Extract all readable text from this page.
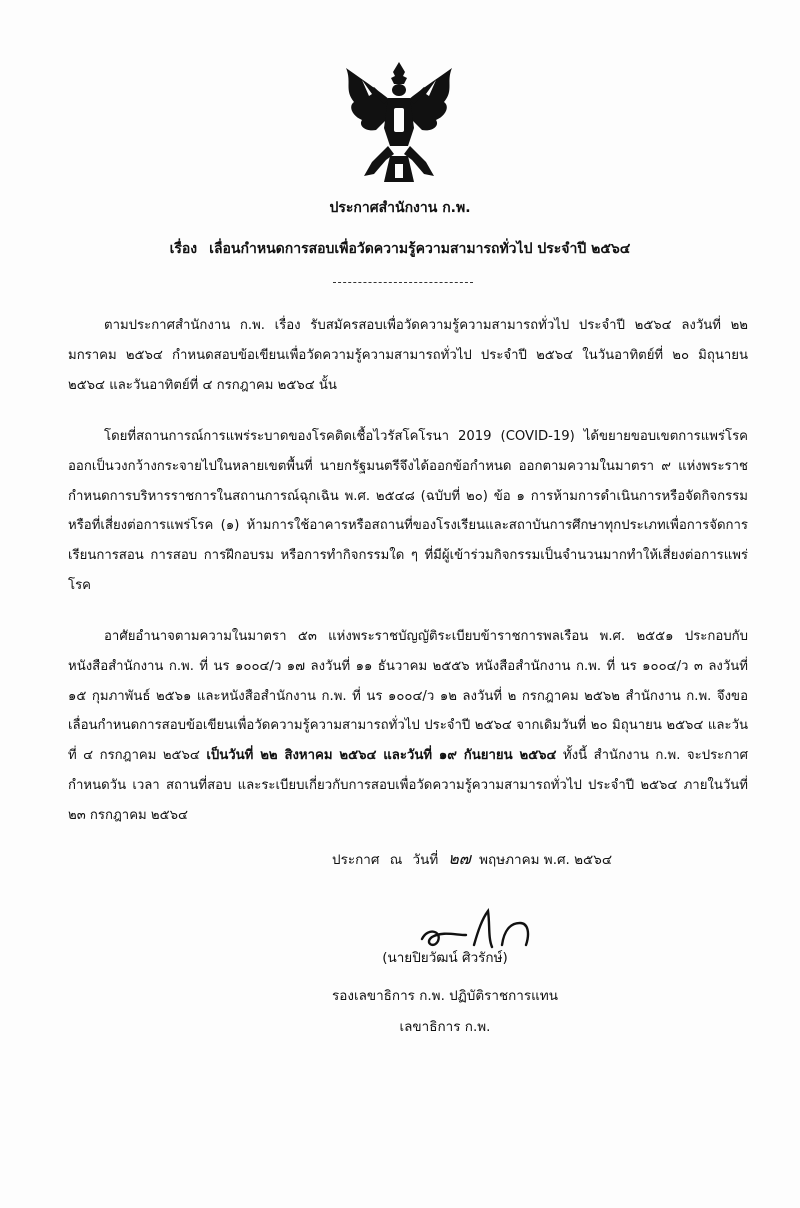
ประกาศสำนักงาน ก.พ.
เรื่อง เลื่อนกำหนดการสอบเพื่อวัดความรู้ความสามารถทั่วไป ประจำปี ๒๕๖๔
ตามประกาศสำนักงาน ก.พ. เรื่อง รับสมัครสอบเพื่อวัดความรู้ความสามารถทั่วไป ประจำปี ๒๕๖๔ ลงวันที่ ๒๒ มกราคม ๒๕๖๔ กำหนดสอบข้อเขียนเพื่อวัดความรู้ความสามารถทั่วไป ประจำปี ๒๕๖๔ ในวันอาทิตย์ที่ ๒๐ มิถุนายน ๒๕๖๔ และวันอาทิตย์ที่ ๔ กรกฎาคม ๒๕๖๔ นั้น
โดยที่สถานการณ์การแพร่ระบาดของโรคติดเชื้อไวรัสโคโรนา 2019 (COVID-19) ได้ขยายขอบเขตการแพร่โรคออกเป็นวงกว้างกระจายไปในหลายเขตพื้นที่ นายกรัฐมนตรีจึงได้ออกข้อกำหนด ออกตามความในมาตรา ๙ แห่งพระราชกำหนดการบริหารราชการในสถานการณ์ฉุกเฉิน พ.ศ. ๒๕๔๘ (ฉบับที่ ๒๐) ข้อ ๑ การห้ามการดำเนินการหรือจัดกิจกรรมหรือที่เสี่ยงต่อการแพร่โรค (๑) ห้ามการใช้อาคารหรือสถานที่ของโรงเรียนและสถาบันการศึกษาทุกประเภทเพื่อการจัดการเรียนการสอน การสอบ การฝึกอบรม หรือการทำกิจกรรมใด ๆ ที่มีผู้เข้าร่วมกิจกรรมเป็นจำนวนมากทำให้เสี่ยงต่อการแพร่โรค
อาศัยอำนาจตามความในมาตรา ๕๓ แห่งพระราชบัญญัติระเบียบข้าราชการพลเรือน พ.ศ. ๒๕๕๑ ประกอบกับหนังสือสำนักงาน ก.พ. ที่ นร ๑๐๐๔/ว ๑๗ ลงวันที่ ๑๑ ธันวาคม ๒๕๕๖ หนังสือสำนักงาน ก.พ. ที่ นร ๑๐๐๔/ว ๓ ลงวันที่ ๑๕ กุมภาพันธ์ ๒๕๖๑ และหนังสือสำนักงาน ก.พ. ที่ นร ๑๐๐๔/ว ๑๒ ลงวันที่ ๒ กรกฎาคม ๒๕๖๒ สำนักงาน ก.พ. จึงขอเลื่อนกำหนดการสอบข้อเขียนเพื่อวัดความรู้ความสามารถทั่วไป ประจำปี ๒๕๖๔ จากเดิมวันที่ ๒๐ มิถุนายน ๒๕๖๔ และวันที่ ๔ กรกฎาคม ๒๕๖๔ เป็นวันที่ ๒๒ สิงหาคม ๒๕๖๔ และวันที่ ๑๙ กันยายน ๒๕๖๔ ทั้งนี้ สำนักงาน ก.พ. จะประกาศกำหนดวัน เวลา สถานที่สอบ และระเบียบเกี่ยวกับการสอบเพื่อวัดความรู้ความสามารถทั่วไป ประจำปี ๒๕๖๔ ภายในวันที่ ๒๓ กรกฎาคม ๒๕๖๔
ประกาศ ณ วันที่ ๒๗ พฤษภาคม พ.ศ. ๒๕๖๔
(นายปิยวัฒน์ ศิวรักษ์)
รองเลขาธิการ ก.พ. ปฏิบัติราชการแทน
เลขาธิการ ก.พ.
